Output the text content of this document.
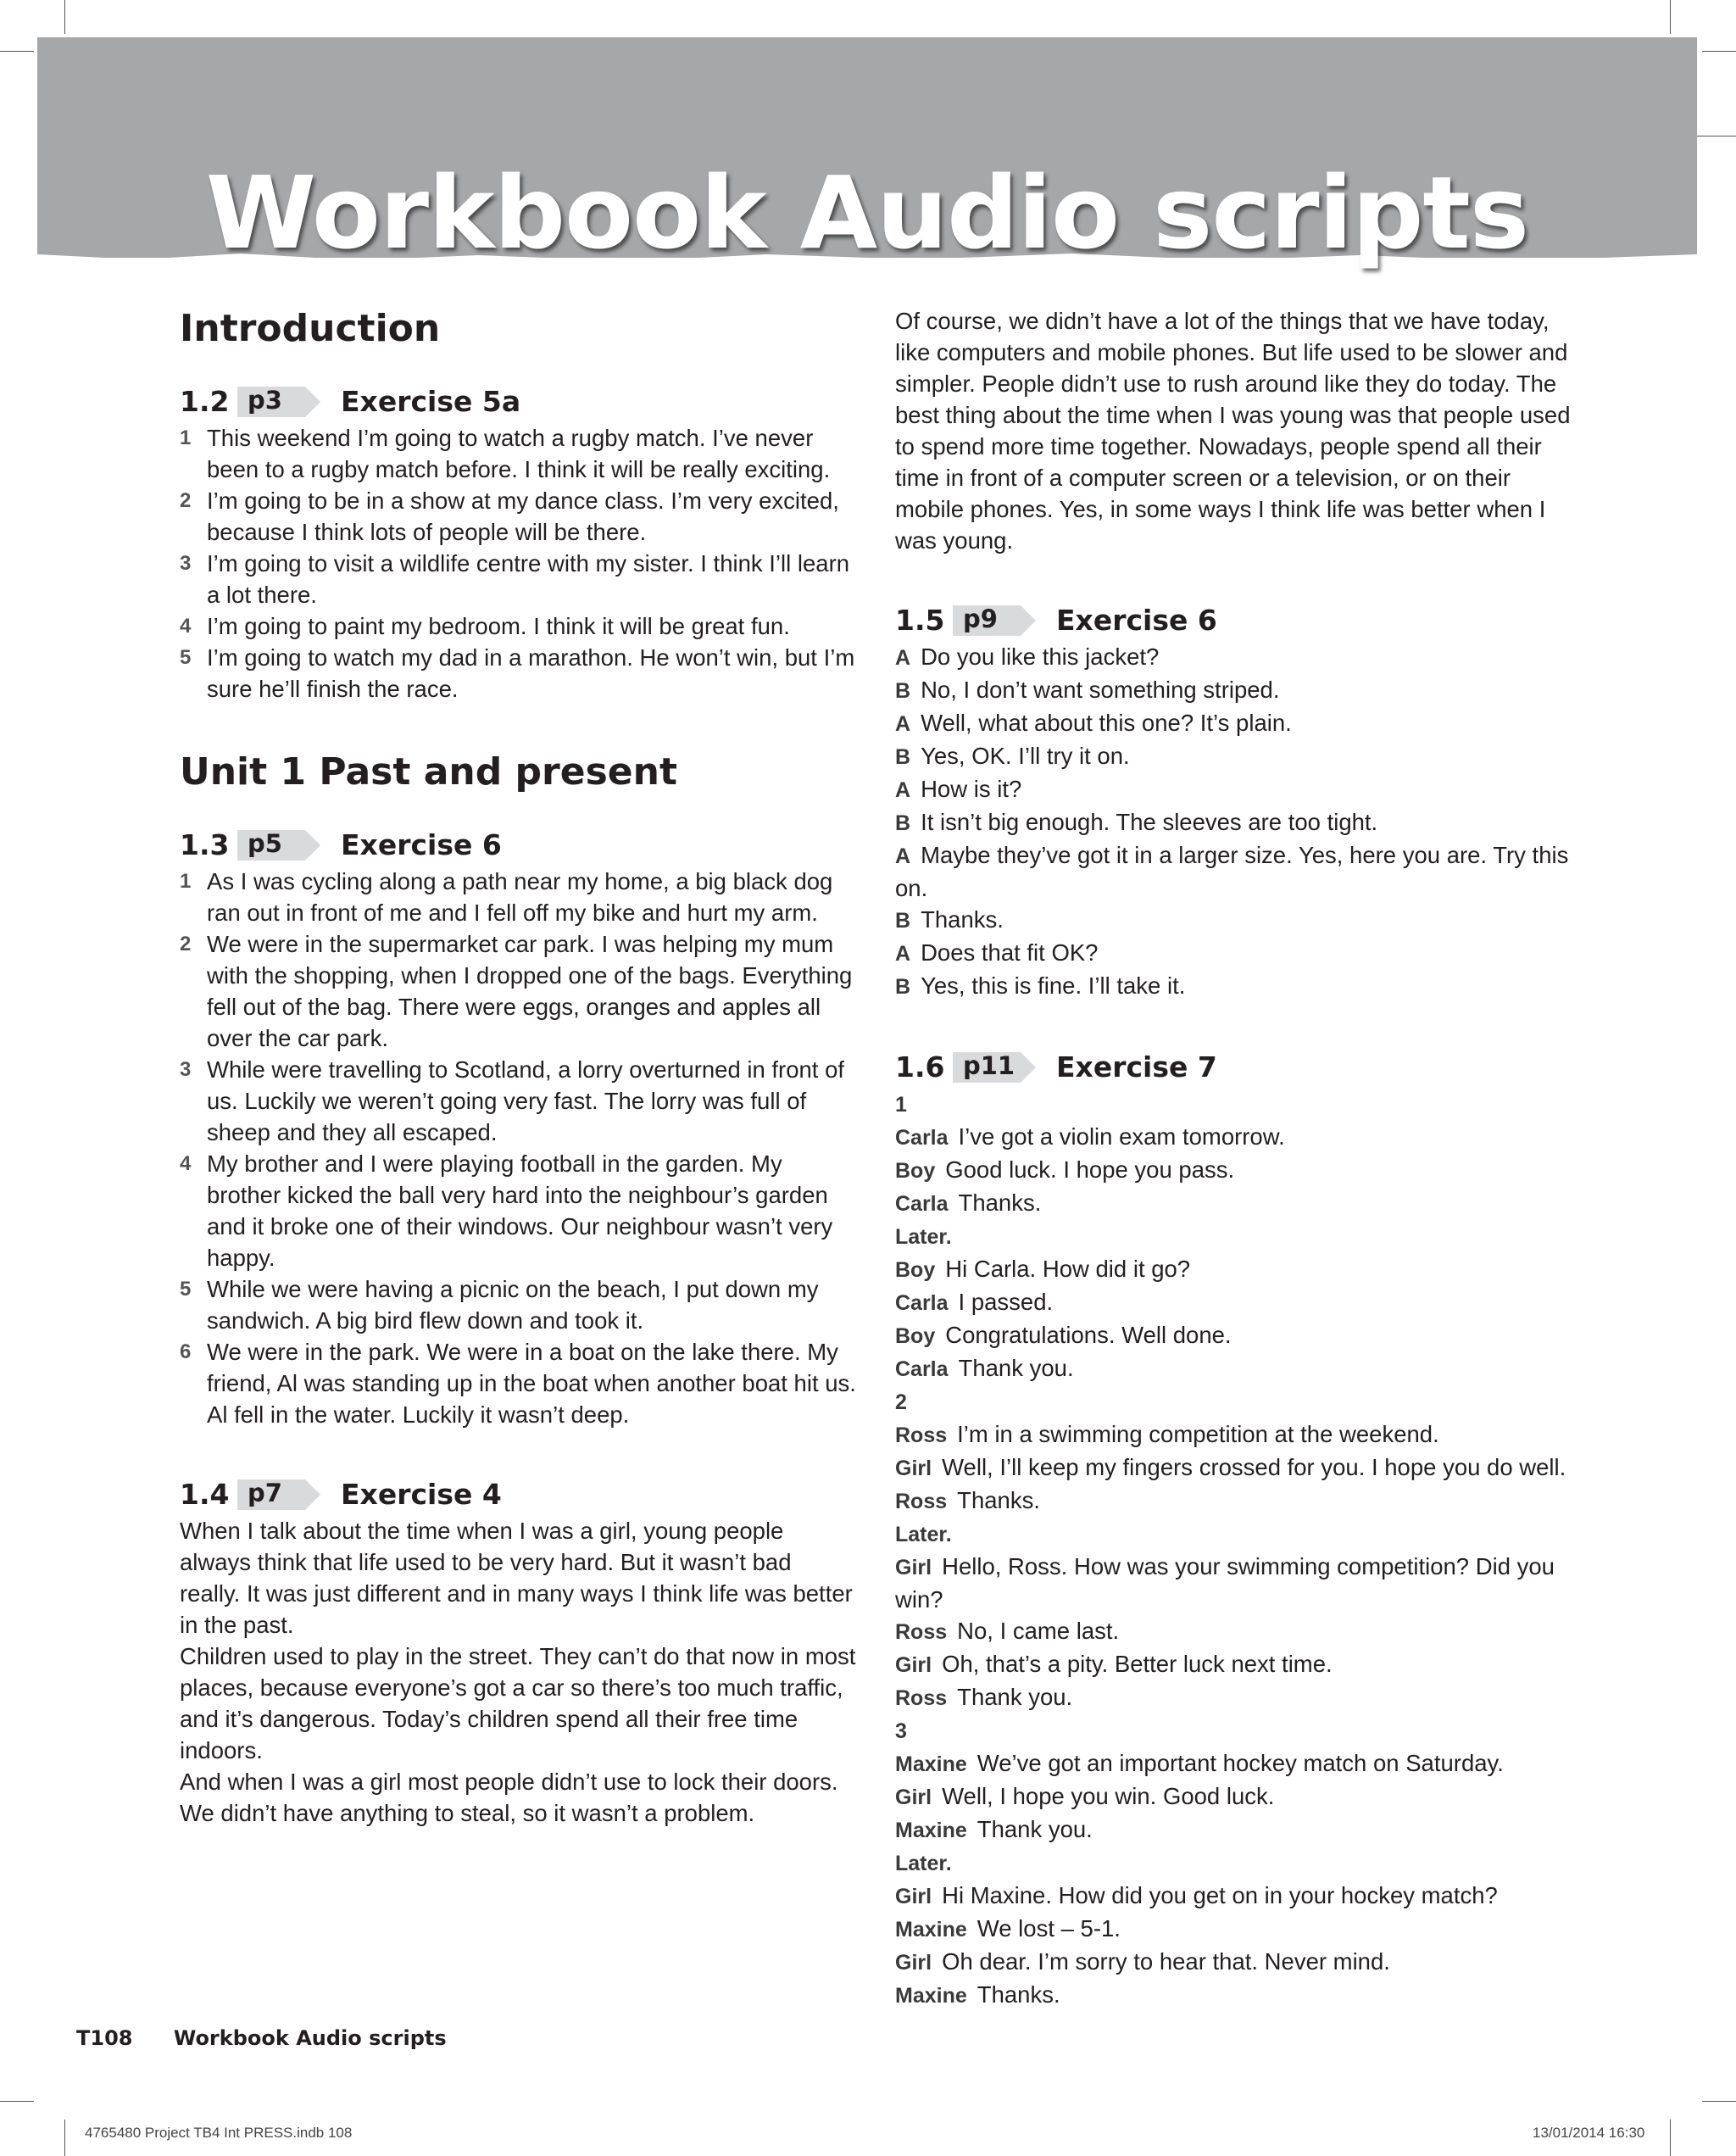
Workbook Audio scripts
Introduction
1.2 p3 Exercise 5a
1 This weekend I’m going to watch a rugby match. I’ve never been to a rugby match before. I think it will be really exciting.
2 I’m going to be in a show at my dance class. I’m very excited, because I think lots of people will be there.
3 I’m going to visit a wildlife centre with my sister. I think I’ll learn a lot there.
4 I’m going to paint my bedroom. I think it will be great fun.
5 I’m going to watch my dad in a marathon. He won’t win, but I’m sure he’ll finish the race.
Unit 1 Past and present
1.3 p5 Exercise 6
1 As I was cycling along a path near my home, a big black dog ran out in front of me and I fell off my bike and hurt my arm.
2 We were in the supermarket car park. I was helping my mum with the shopping, when I dropped one of the bags. Everything fell out of the bag. There were eggs, oranges and apples all over the car park.
3 While were travelling to Scotland, a lorry overturned in front of us. Luckily we weren’t going very fast. The lorry was full of sheep and they all escaped.
4 My brother and I were playing football in the garden. My brother kicked the ball very hard into the neighbour’s garden and it broke one of their windows. Our neighbour wasn’t very happy.
5 While we were having a picnic on the beach, I put down my sandwich. A big bird flew down and took it.
6 We were in the park. We were in a boat on the lake there. My friend, Al was standing up in the boat when another boat hit us. Al fell in the water. Luckily it wasn’t deep.
1.4 p7 Exercise 4

When I talk about the time when I was a girl, young people always think that life used to be very hard. But it wasn’t bad really. It was just different and in many ways I think life was better in the past.

Children used to play in the street. They can’t do that now in most places, because everyone’s got a car so there’s too much traffic, and it’s dangerous. Today’s children spend all their free time indoors.

And when I was a girl most people didn’t use to lock their doors. We didn’t have anything to steal, so it wasn’t a problem.

Of course, we didn’t have a lot of the things that we have today, like computers and mobile phones. But life used to be slower and simpler. People didn’t use to rush around like they do today. The best thing about the time when I was young was that people used to spend more time together. Nowadays, people spend all their time in front of a computer screen or a television, or on their mobile phones. Yes, in some ways I think life was better when I was young.

1.5 p9 Exercise 6

A Do you like this jacket?

B No, I don’t want something striped.

A Well, what about this one? It’s plain.

B Yes, OK. I’ll try it on.

A How is it?

B It isn’t big enough. The sleeves are too tight.

A Maybe they’ve got it in a larger size. Yes, here you are. Try this on.

B Thanks.

A Does that fit OK?

B Yes, this is fine. I’ll take it.

1.6 p11 Exercise 7

1

Carla I’ve got a violin exam tomorrow.

Boy Good luck. I hope you pass.

Carla Thanks.

Later.

Boy Hi Carla. How did it go?

Carla I passed.

Boy Congratulations. Well done.

Carla Thank you.

2

Ross I’m in a swimming competition at the weekend.

Girl Well, I’ll keep my fingers crossed for you. I hope you do well.

Ross Thanks.

Later.

Girl Hello, Ross. How was your swimming competition? Did you win?

Ross No, I came last.

Girl Oh, that’s a pity. Better luck next time.

Ross Thank you.

3

Maxine We’ve got an important hockey match on Saturday.

Girl Well, I hope you win. Good luck.

Maxine Thank you.

Later.

Girl Hi Maxine. How did you get on in your hockey match?

Maxine We lost – 5-1.

Girl Oh dear. I’m sorry to hear that. Never mind.

Maxine Thanks.

T108 Workbook Audio scripts
4765480 Project TB4 Int PRESS.indb 108	13/01/2014 16:30
